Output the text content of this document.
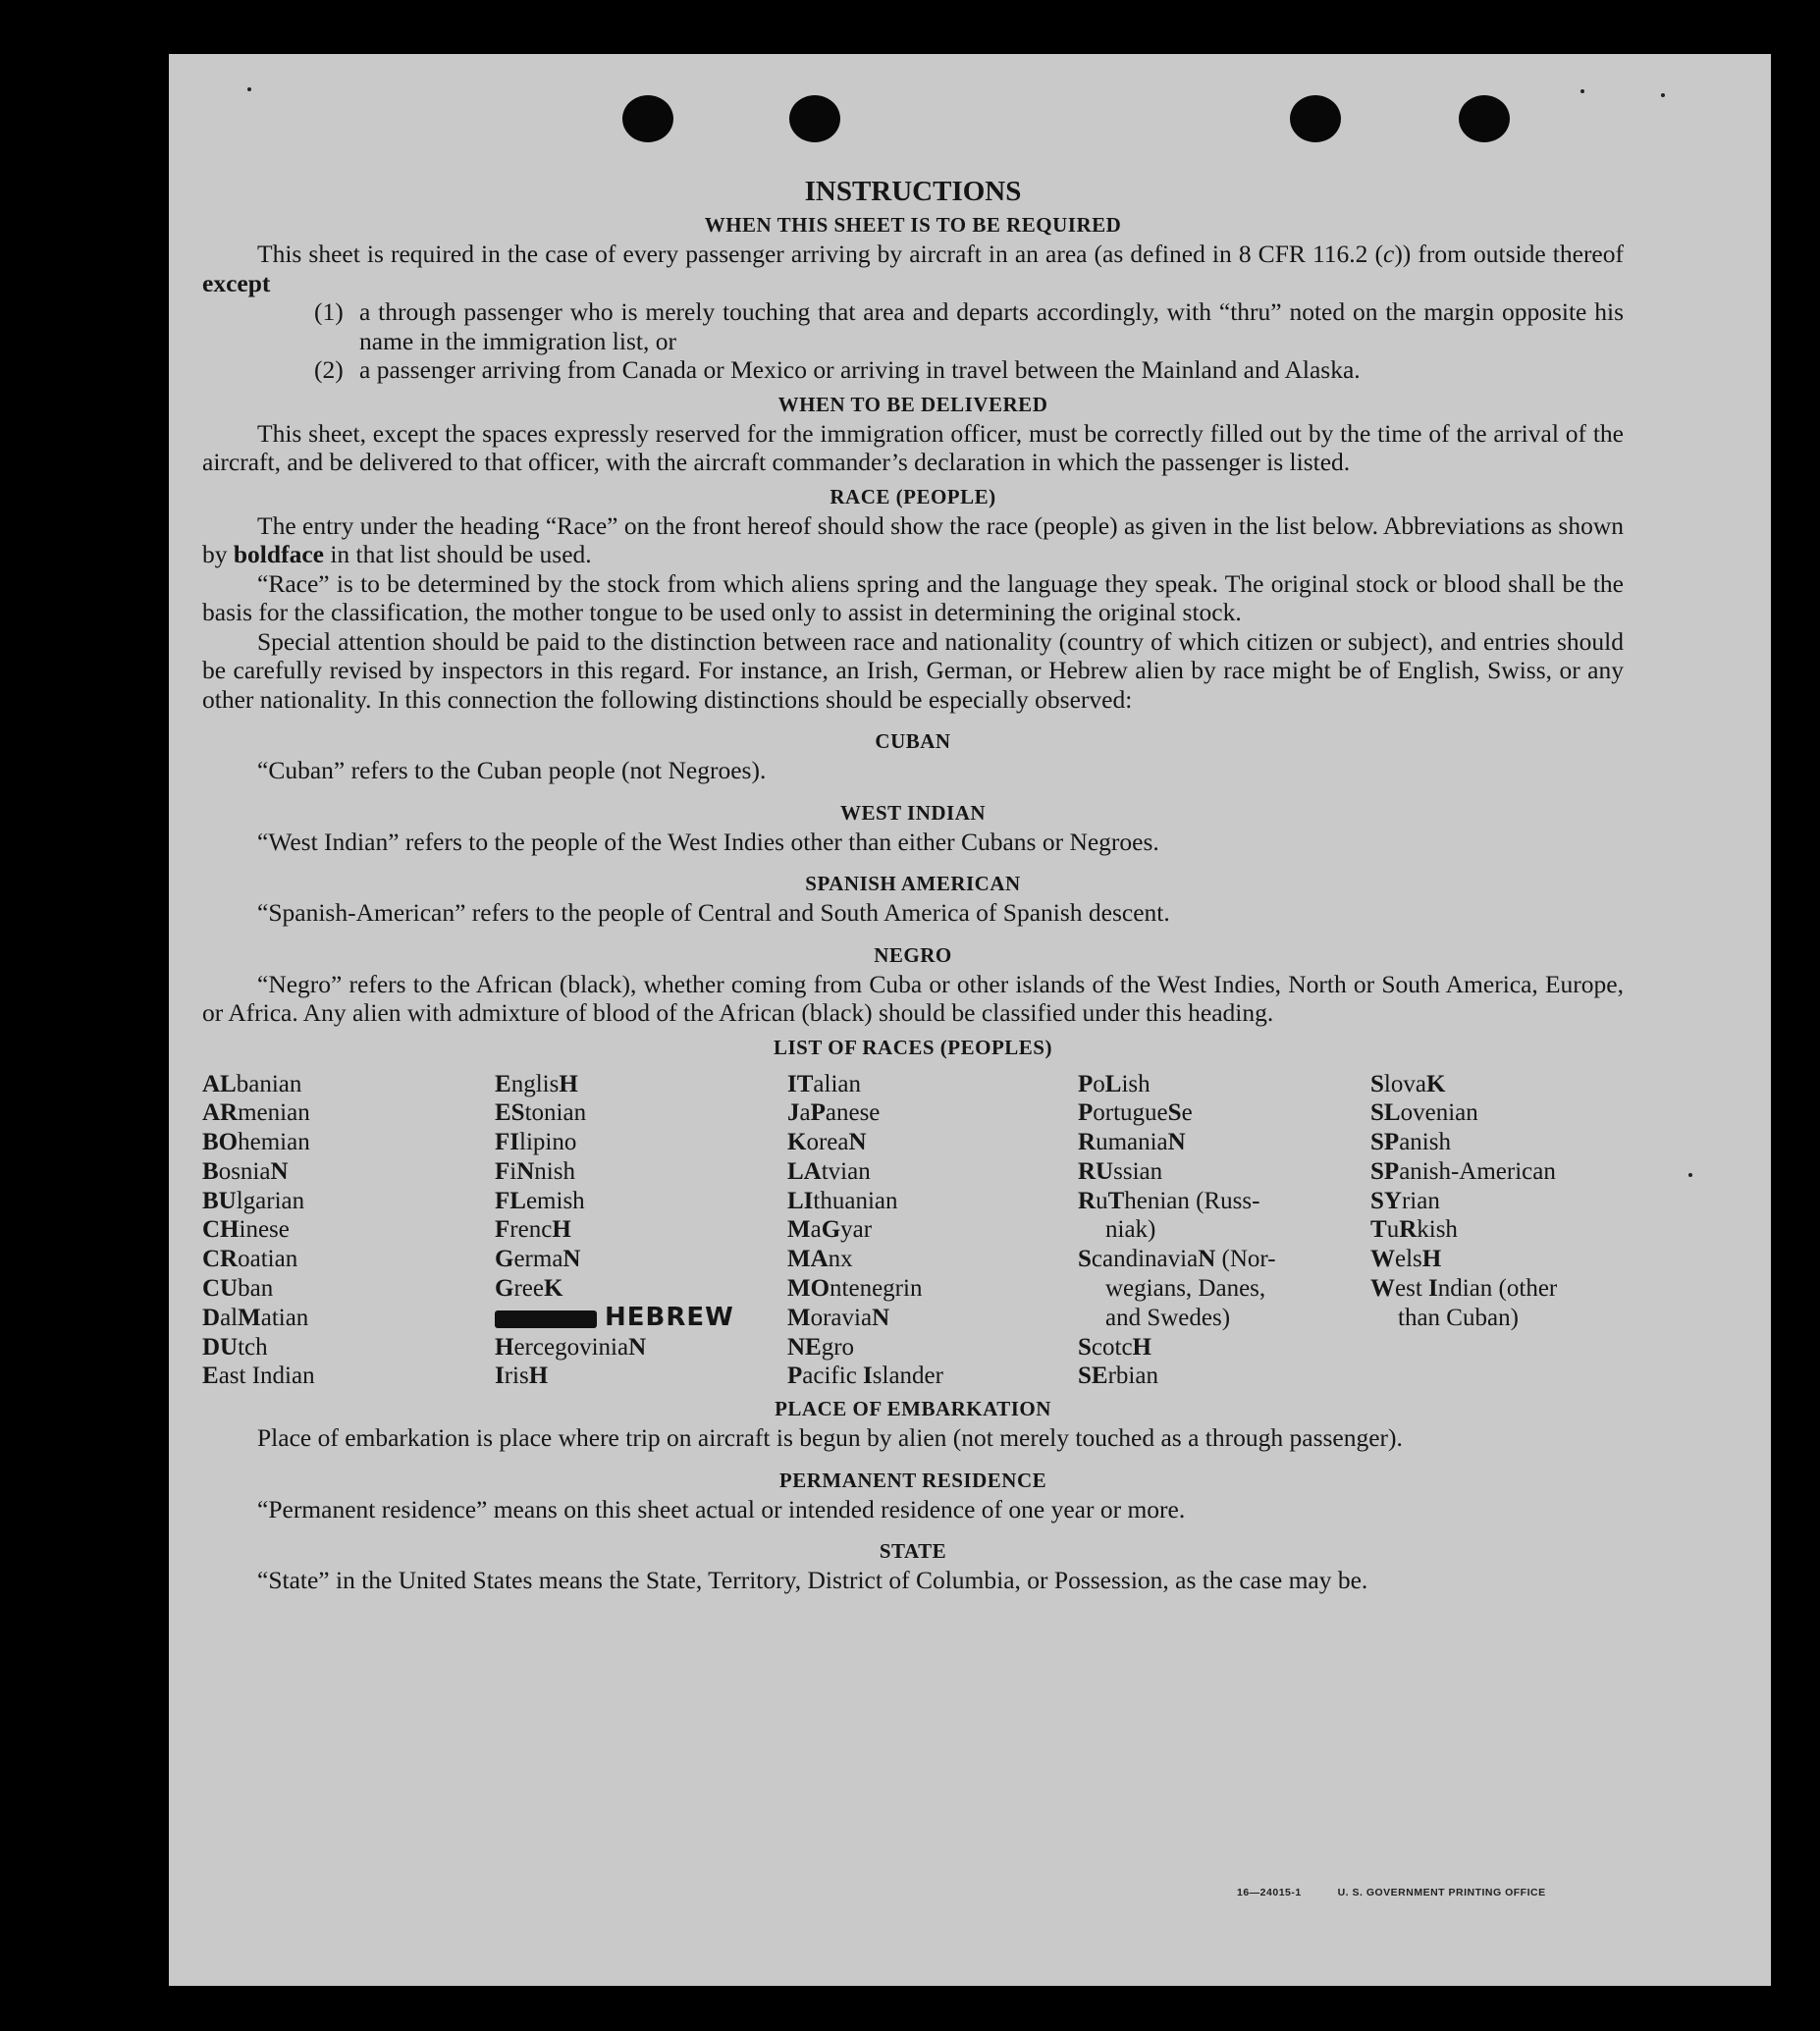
INSTRUCTIONS
WHEN THIS SHEET IS TO BE REQUIRED

This sheet is required in the case of every passenger arriving by aircraft in an area (as defined in 8 CFR 116.2 (c)) from outside thereof except

(1) a through passenger who is merely touching that area and departs accordingly, with “thru” noted on the margin opposite his name in the immigration list, or
(2) a passenger arriving from Canada or Mexico or arriving in travel between the Mainland and Alaska.
WHEN TO BE DELIVERED

This sheet, except the spaces expressly reserved for the immigration officer, must be correctly filled out by the time of the arrival of the aircraft, and be delivered to that officer, with the aircraft commander’s declaration in which the passenger is listed.

RACE (PEOPLE)

The entry under the heading “Race” on the front hereof should show the race (people) as given in the list below. Abbreviations as shown by boldface in that list should be used.

“Race” is to be determined by the stock from which aliens spring and the language they speak. The original stock or blood shall be the basis for the classification, the mother tongue to be used only to assist in determining the original stock.

Special attention should be paid to the distinction between race and nationality (country of which citizen or subject), and entries should be carefully revised by inspectors in this regard. For instance, an Irish, German, or Hebrew alien by race might be of English, Swiss, or any other nationality. In this connection the following distinctions should be especially observed:

CUBAN

“Cuban” refers to the Cuban people (not Negroes).

WEST INDIAN

“West Indian” refers to the people of the West Indies other than either Cubans or Negroes.

SPANISH AMERICAN

“Spanish-American” refers to the people of Central and South America of Spanish descent.

NEGRO

“Negro” refers to the African (black), whether coming from Cuba or other islands of the West Indies, North or South America, Europe, or Africa. Any alien with admixture of blood of the African (black) should be classified under this heading.

LIST OF RACES (PEOPLES)
ALbanian
ARmenian
BOhemian
BosniaN
BUlgarian
CHinese
CRoatian
CUban
DalMatian
DUtch
East Indian
EnglisH
EStonian
FIlipino
FiNnish
FLemish
FrencH
GermaN
GreeK
HEBREW
HercegoviniaN
IrisH
ITalian
JaPanese
KoreaN
LAtvian
LIthuanian
MaGyar
MAnx
MOntenegrin
MoraviaN
NEgro
Pacific Islander
PoLish
PortugueSe
RumaniaN
RUssian
RuThenian (Russ-
niak)
ScandinaviaN (Nor-
wegians, Danes,
and Swedes)
ScotcH
SErbian
SlovaK
SLovenian
SPanish
SPanish-American
SYrian
TuRkish
WelsH
West Indian (other
than Cuban)
PLACE OF EMBARKATION

Place of embarkation is place where trip on aircraft is begun by alien (not merely touched as a through passenger).

PERMANENT RESIDENCE

“Permanent residence” means on this sheet actual or intended residence of one year or more.

STATE

“State” in the United States means the State, Territory, District of Columbia, or Possession, as the case may be.

16—24015-1	U. S. GOVERNMENT PRINTING OFFICE
